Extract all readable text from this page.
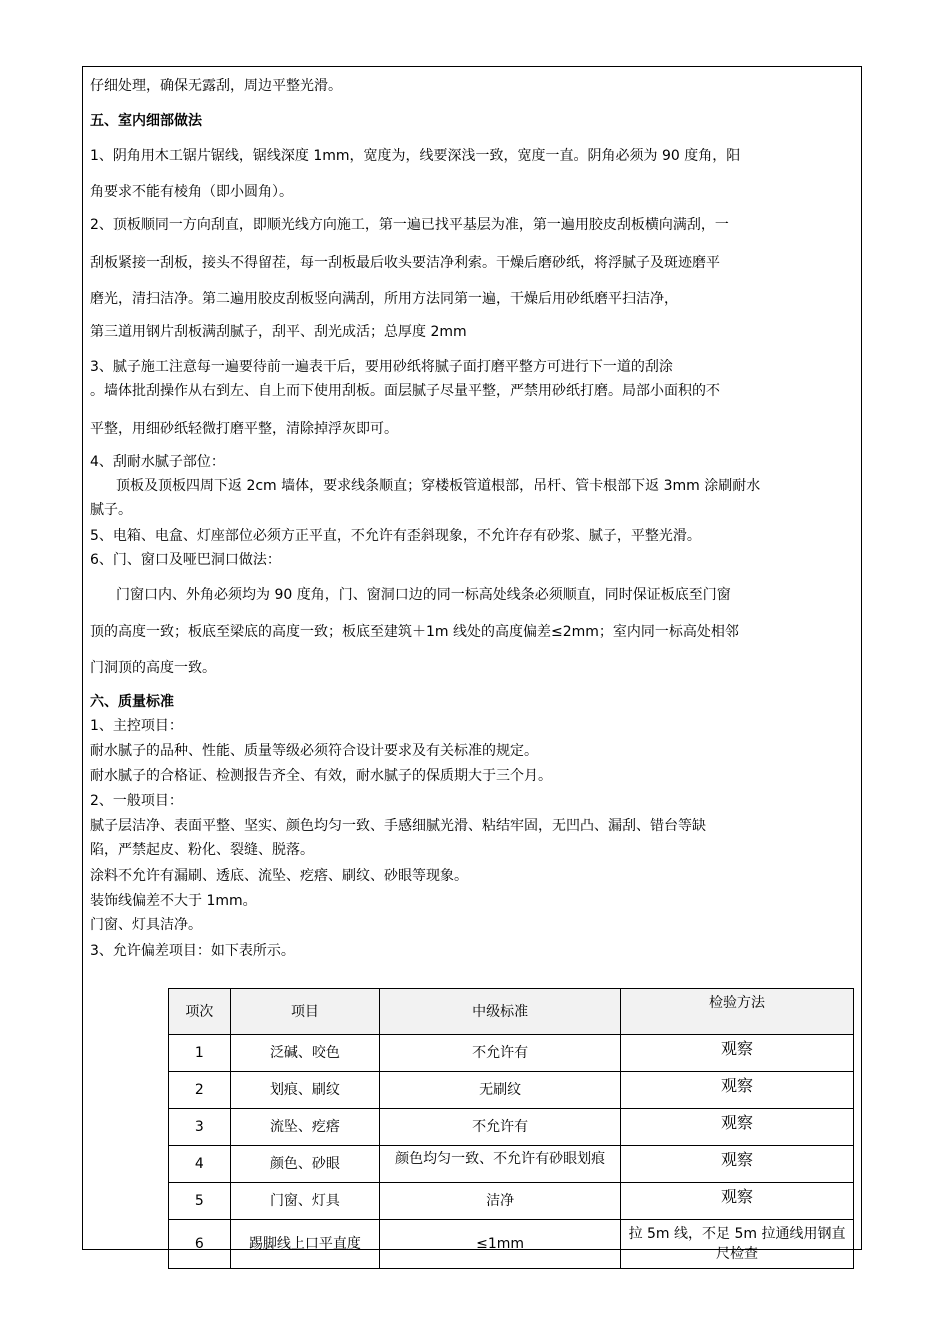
仔细处理，确保无露刮，周边平整光滑。
五、室内细部做法
1、阴角用木工锯片锯线，锯线深度 1mm，宽度为，线要深浅一致，宽度一直。阴角必须为 90 度角，阳
角要求不能有棱角（即小圆角）。
2、顶板顺同一方向刮直，即顺光线方向施工，第一遍已找平基层为准，第一遍用胶皮刮板横向满刮，一
刮板紧接一刮板，接头不得留茬，每一刮板最后收头要洁净利索。干燥后磨砂纸，将浮腻子及斑迹磨平
磨光，清扫洁净。第二遍用胶皮刮板竖向满刮，所用方法同第一遍，干燥后用砂纸磨平扫洁净，
第三道用钢片刮板满刮腻子，刮平、刮光成活；总厚度 2mm
3、腻子施工注意每一遍要待前一遍表干后，要用砂纸将腻子面打磨平整方可进行下一道的刮涂
。墙体批刮操作从右到左、自上而下使用刮板。面层腻子尽量平整，严禁用砂纸打磨。局部小面积的不
平整，用细砂纸轻微打磨平整，清除掉浮灰即可。
4、刮耐水腻子部位：
顶板及顶板四周下返 2cm 墙体，要求线条顺直；穿楼板管道根部，吊杆、管卡根部下返 3mm 涂刷耐水
腻子。
5、电箱、电盒、灯座部位必须方正平直，不允许有歪斜现象，不允许存有砂浆、腻子，平整光滑。
6、门、窗口及哑巴洞口做法：
门窗口内、外角必须均为 90 度角，门、窗洞口边的同一标高处线条必须顺直，同时保证板底至门窗
顶的高度一致；板底至梁底的高度一致；板底至建筑＋1m 线处的高度偏差≤2mm；室内同一标高处相邻
门洞顶的高度一致。
六、质量标准
1、主控项目：
耐水腻子的品种、性能、质量等级必须符合设计要求及有关标准的规定。
耐水腻子的合格证、检测报告齐全、有效，耐水腻子的保质期大于三个月。
2、一般项目：
腻子层洁净、表面平整、坚实、颜色均匀一致、手感细腻光滑、粘结牢固，无凹凸、漏刮、错台等缺
陷，严禁起皮、粉化、裂缝、脱落。
涂料不允许有漏刷、透底、流坠、疙瘩、刷纹、砂眼等现象。
装饰线偏差不大于 1mm。
门窗、灯具洁净。
3、允许偏差项目：如下表所示。
项次	项目	中级标准	检验方法
1	泛碱、咬色	不允许有	观察
2	划痕、刷纹	无刷纹	观察
3	流坠、疙瘩	不允许有	观察
4	颜色、砂眼	颜色均匀一致、不允许有砂眼划痕	观察
5	门窗、灯具	洁净	观察
6	踢脚线上口平直度	≤1mm	拉 5m 线，不足 5m 拉通线用钢直尺检查
